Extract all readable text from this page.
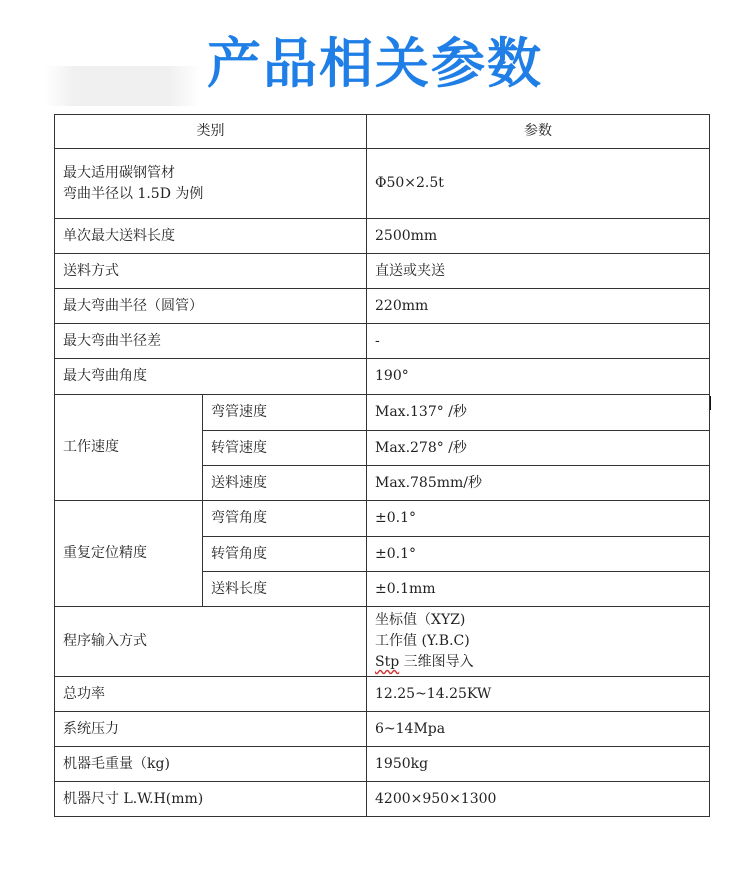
产品相关参数
类别		参数

最大适用碳钢管材
弯曲半径以 1.5D 为例		Φ50×2.5t
单次最大送料长度		2500mm
送料方式		直送或夹送
最大弯曲半径（圆管）		220mm
最大弯曲半径差		-
最大弯曲角度		190°
工作速度	弯管速度	Max.137° /秒
	转管速度	Max.278° /秒
	送料速度	Max.785mm/秒
重复定位精度	弯管角度	±0.1°
	转管角度	±0.1°
	送料长度	±0.1mm
程序输入方式		坐标值（XYZ)
工作值 (Y.B.C)
Stp 三维图导入

总功率		12.25~14.25KW
系统压力		6~14Mpa
机器毛重量（kg)		1950kg
机器尺寸 L.W.H(mm)		4200×950×1300
